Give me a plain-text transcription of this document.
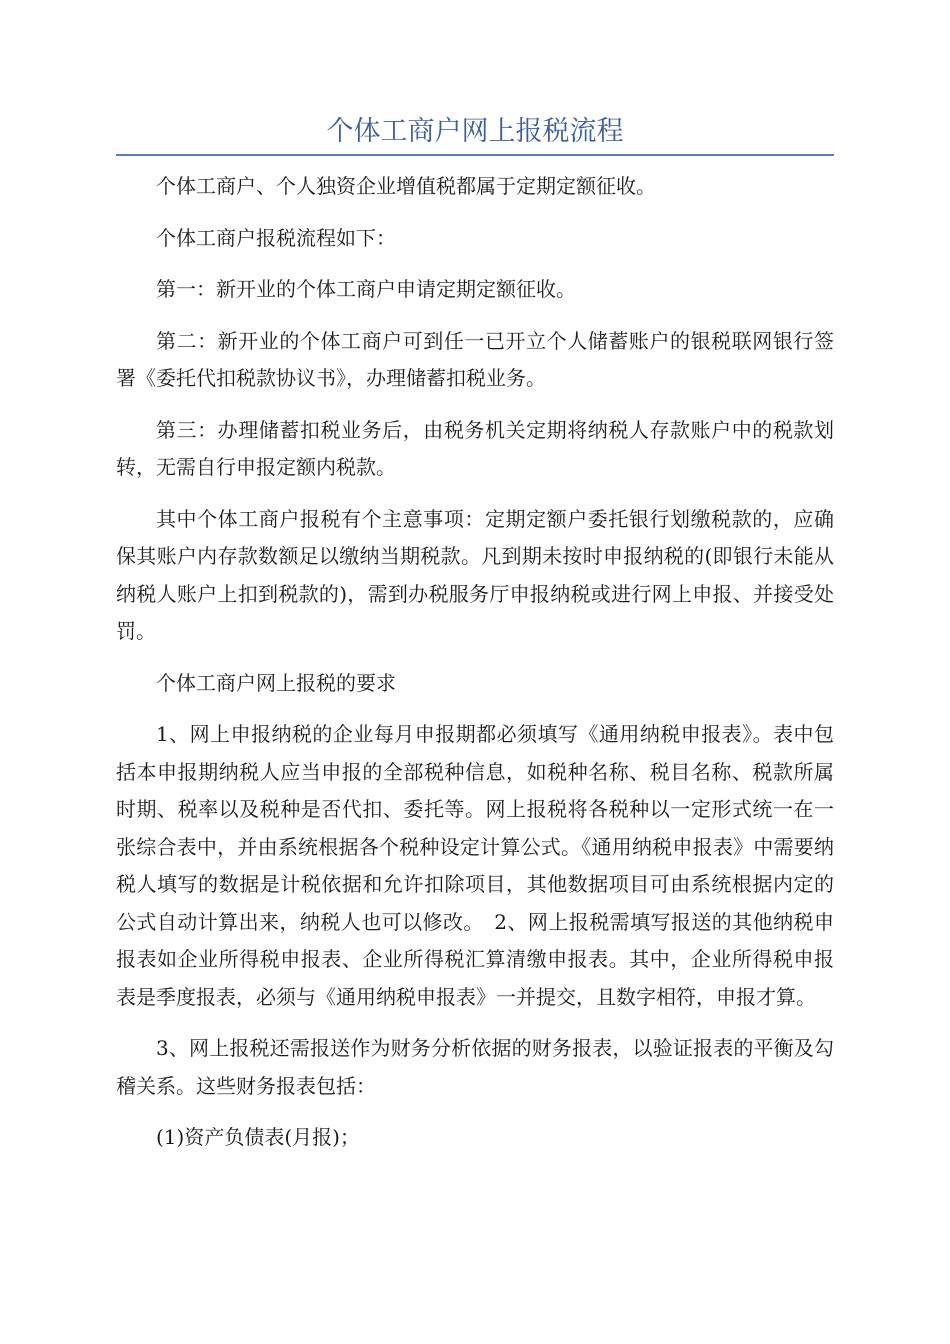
个体工商户网上报税流程

个体工商户、个人独资企业增值税都属于定期定额征收。

个体工商户报税流程如下：

第一：新开业的个体工商户申请定期定额征收。

第二：新开业的个体工商户可到任一已开立个人储蓄账户的银税联网银行签署《委托代扣税款协议书》，办理储蓄扣税业务。

第三：办理储蓄扣税业务后，由税务机关定期将纳税人存款账户中的税款划转，无需自行申报定额内税款。

其中个体工商户报税有个主意事项：定期定额户委托银行划缴税款的，应确保其账户内存款数额足以缴纳当期税款。凡到期未按时申报纳税的(即银行未能从纳税人账户上扣到税款的)，需到办税服务厅申报纳税或进行网上申报、并接受处罚。

个体工商户网上报税的要求

1、网上申报纳税的企业每月申报期都必须填写《通用纳税申报表》。表中包括本申报期纳税人应当申报的全部税种信息，如税种名称、税目名称、税款所属时期、税率以及税种是否代扣、委托等。网上报税将各税种以一定形式统一在一张综合表中，并由系统根据各个税种设定计算公式。《通用纳税申报表》中需要纳税人填写的数据是计税依据和允许扣除项目，其他数据项目可由系统根据内定的公式自动计算出来，纳税人也可以修改。　2、网上报税需填写报送的其他纳税申报表如企业所得税申报表、企业所得税汇算清缴申报表。其中，企业所得税申报表是季度报表，必须与《通用纳税申报表》一并提交，且数字相符，申报才算。

3、网上报税还需报送作为财务分析依据的财务报表，以验证报表的平衡及勾稽关系。这些财务报表包括：

(1)资产负债表(月报)；
